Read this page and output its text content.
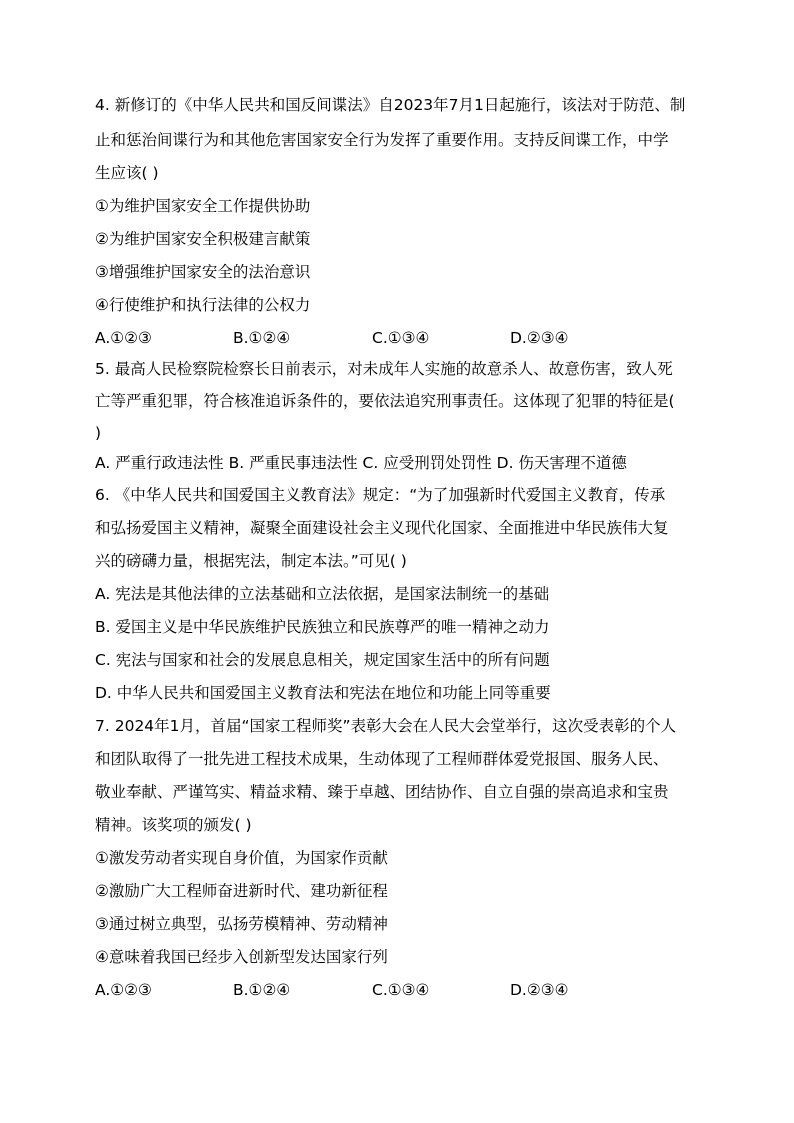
4. 新修订的《中华人民共和国反间谍法》自2023年7月1日起施行，该法对于防范、制
止和惩治间谍行为和其他危害国家安全行为发挥了重要作用。支持反间谍工作，中学
生应该( )
①为维护国家安全工作提供协助
②为维护国家安全积极建言献策
③增强维护国家安全的法治意识
④行使维护和执行法律的公权力
A.①②③	B.①②④	C.①③④	D.②③④
5. 最高人民检察院检察长日前表示，对未成年人实施的故意杀人、故意伤害，致人死
亡等严重犯罪，符合核准追诉条件的，要依法追究刑事责任。这体现了犯罪的特征是(
)
A. 严重行政违法性 B. 严重民事违法性 C. 应受刑罚处罚性 D. 伤天害理不道德
6. 《中华人民共和国爱国主义教育法》规定：“为了加强新时代爱国主义教育，传承
和弘扬爱国主义精神，凝聚全面建设社会主义现代化国家、全面推进中华民族伟大复
兴的磅礴力量，根据宪法，制定本法。”可见( )
A. 宪法是其他法律的立法基础和立法依据，是国家法制统一的基础
B. 爱国主义是中华民族维护民族独立和民族尊严的唯一精神之动力
C. 宪法与国家和社会的发展息息相关，规定国家生活中的所有问题
D. 中华人民共和国爱国主义教育法和宪法在地位和功能上同等重要
7. 2024年1月，首届“国家工程师奖”表彰大会在人民大会堂举行，这次受表彰的个人
和团队取得了一批先进工程技术成果，生动体现了工程师群体爱党报国、服务人民、
敬业奉献、严谨笃实、精益求精、臻于卓越、团结协作、自立自强的崇高追求和宝贵
精神。该奖项的颁发( )
①激发劳动者实现自身价值，为国家作贡献
②激励广大工程师奋进新时代、建功新征程
③通过树立典型，弘扬劳模精神、劳动精神
④意味着我国已经步入创新型发达国家行列
A.①②③	B.①②④	C.①③④	D.②③④
